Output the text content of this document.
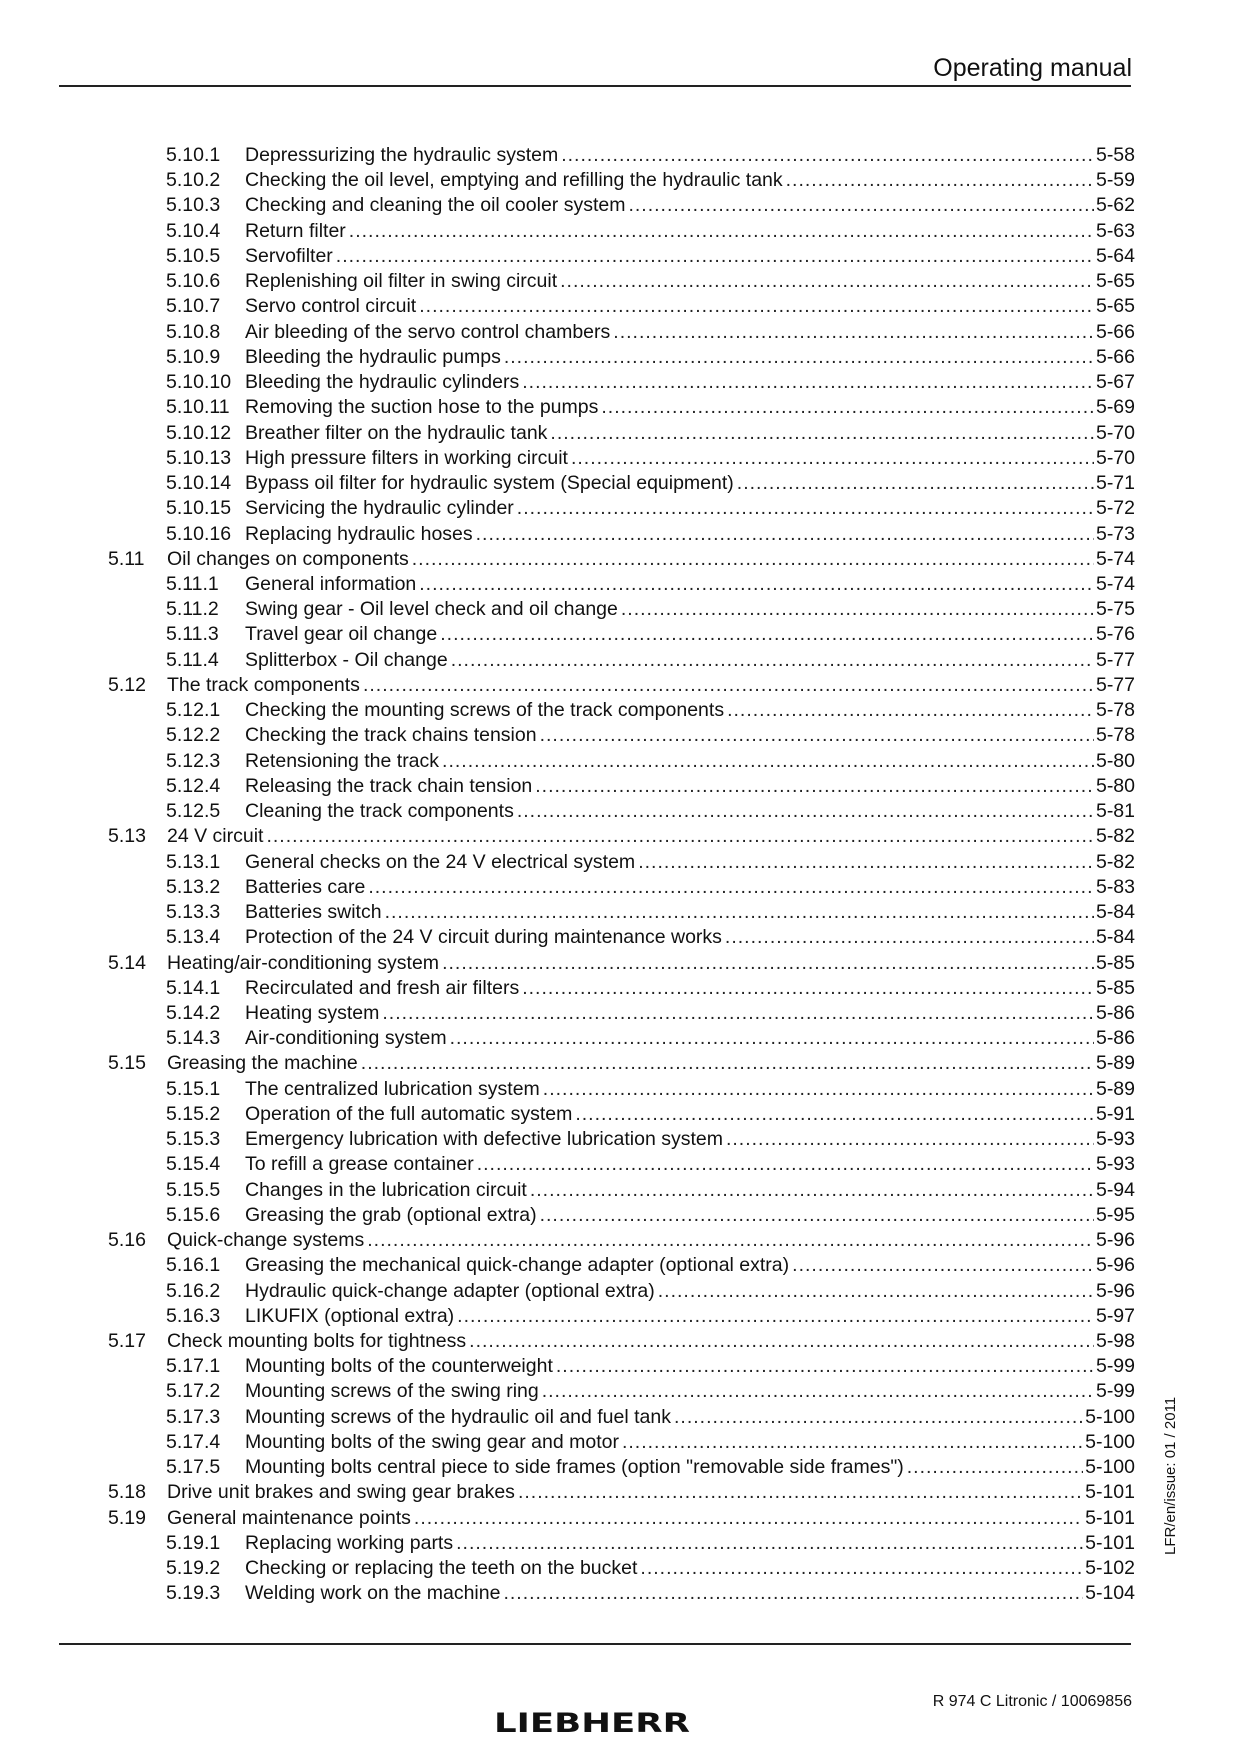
Operating manual
5.10.1 Depressurizing the hydraulic system .....	5-58
5.10.2 Checking the oil level, emptying and refilling the hydraulic tank .....	5-59
5.10.3 Checking and cleaning the oil cooler system .....	5-62
5.10.4 Return filter .....	5-63
5.10.5 Servofilter .....	5-64
5.10.6 Replenishing oil filter in swing circuit .....	5-65
5.10.7 Servo control circuit .....	5-65
5.10.8 Air bleeding of the servo control chambers .....	5-66
5.10.9 Bleeding the hydraulic pumps .....	5-66
5.10.10 Bleeding the hydraulic cylinders .....	5-67
5.10.11 Removing the suction hose to the pumps .....	5-69
5.10.12 Breather filter on the hydraulic tank .....	5-70
5.10.13 High pressure filters in working circuit .....	5-70
5.10.14 Bypass oil filter for hydraulic system (Special equipment) .....	5-71
5.10.15 Servicing the hydraulic cylinder .....	5-72
5.10.16 Replacing hydraulic hoses .....	5-73
5.11 Oil changes on components .....	5-74
5.11.1 General information .....	5-74
5.11.2 Swing gear - Oil level check and oil change .....	5-75
5.11.3 Travel gear oil change .....	5-76
5.11.4 Splitterbox - Oil change .....	5-77
5.12 The track components .....	5-77
5.12.1 Checking the mounting screws of the track components .....	5-78
5.12.2 Checking the track chains tension .....	5-78
5.12.3 Retensioning the track .....	5-80
5.12.4 Releasing the track chain tension .....	5-80
5.12.5 Cleaning the track components .....	5-81
5.13 24 V circuit .....	5-82
5.13.1 General checks on the 24 V electrical system .....	5-82
5.13.2 Batteries care .....	5-83
5.13.3 Batteries switch .....	5-84
5.13.4 Protection of the 24 V circuit during maintenance works .....	5-84
5.14 Heating/air-conditioning system .....	5-85
5.14.1 Recirculated and fresh air filters .....	5-85
5.14.2 Heating system .....	5-86
5.14.3 Air-conditioning system .....	5-86
5.15 Greasing the machine .....	5-89
5.15.1 The centralized lubrication system .....	5-89
5.15.2 Operation of the full automatic system .....	5-91
5.15.3 Emergency lubrication with defective lubrication system .....	5-93
5.15.4 To refill a grease container .....	5-93
5.15.5 Changes in the lubrication circuit .....	5-94
5.15.6 Greasing the grab (optional extra) .....	5-95
5.16 Quick-change systems .....	5-96
5.16.1 Greasing the mechanical quick-change adapter (optional extra) .....	5-96
5.16.2 Hydraulic quick-change adapter (optional extra) .....	5-96
5.16.3 LIKUFIX (optional extra) .....	5-97
5.17 Check mounting bolts for tightness .....	5-98
5.17.1 Mounting bolts of the counterweight .....	5-99
5.17.2 Mounting screws of the swing ring .....	5-99
5.17.3 Mounting screws of the hydraulic oil and fuel tank .....	5-100
5.17.4 Mounting bolts of the swing gear and motor .....	5-100
5.17.5 Mounting bolts central piece to side frames (option "removable side frames") .....	5-100
5.18 Drive unit brakes and swing gear brakes .....	5-101
5.19 General maintenance points .....	5-101
5.19.1 Replacing working parts .....	5-101
5.19.2 Checking or replacing the teeth on the bucket .....	5-102
5.19.3 Welding work on the machine .....	5-104
LFR/en/issue: 01 / 2011
R 974 C Litronic / 10069856
LIEBHERR
